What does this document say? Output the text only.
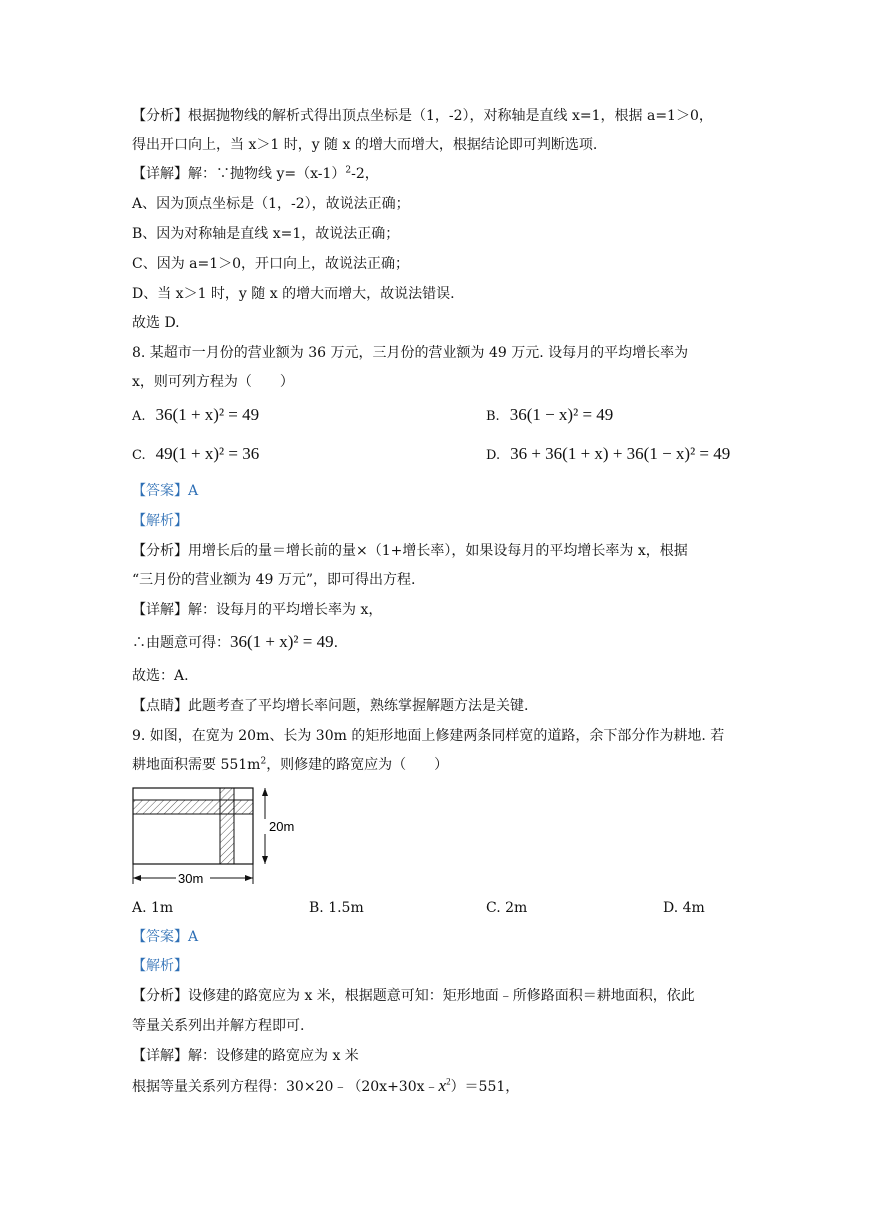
【分析】根据抛物线的解析式得出顶点坐标是（1，-2），对称轴是直线 x=1，根据 a=1＞0，
得出开口向上，当 x＞1 时，y 随 x 的增大而增大，根据结论即可判断选项.
【详解】解：∵抛物线 $y=(x-1)^2-2$，
A、因为顶点坐标是（1，-2），故说法正确；
B、因为对称轴是直线 x=1，故说法正确；
C、因为 a=1＞0，开口向上，故说法正确；
D、当 x＞1 时，y 随 x 的增大而增大，故说法错误.
故选 D.
8. 某超市一月份的营业额为 36 万元，三月份的营业额为 49 万元. 设每月的平均增长率为
x，则可列方程为（　　）
A. 36(1 + x)² = 49	B. 36(1 − x)² = 49
C. 49(1 + x)² = 36	D. 36 + 36(1 + x) + 36(1 − x)² = 49
【答案】A
【解析】
【分析】用增长后的量＝增长前的量×（1+增长率），如果设每月的平均增长率为 x，根据
“三月份的营业额为 49 万元”，即可得出方程.
【详解】解：设每月的平均增长率为 x，
∴由题意可得：36(1 + x)² = 49.
故选：A.
【点睛】此题考查了平均增长率问题，熟练掌握解题方法是关键.
9. 如图，在宽为 20m、长为 30m 的矩形地面上修建两条同样宽的道路，余下部分作为耕地. 若
耕地面积需要 $551m^2$，则修建的路宽应为（　　）
20m
30m
A. 1m	B. 1.5m	C. 2m	D. 4m
【答案】A
【解析】
【分析】设修建的路宽应为 x 米，根据题意可知：矩形地面﹣所修路面积＝耕地面积，依此
等量关系列出并解方程即可.
【详解】解：设修建的路宽应为 x 米
根据等量关系列方程得：$30\times 20﹣(20x+30x﹣x^2)=551$，
